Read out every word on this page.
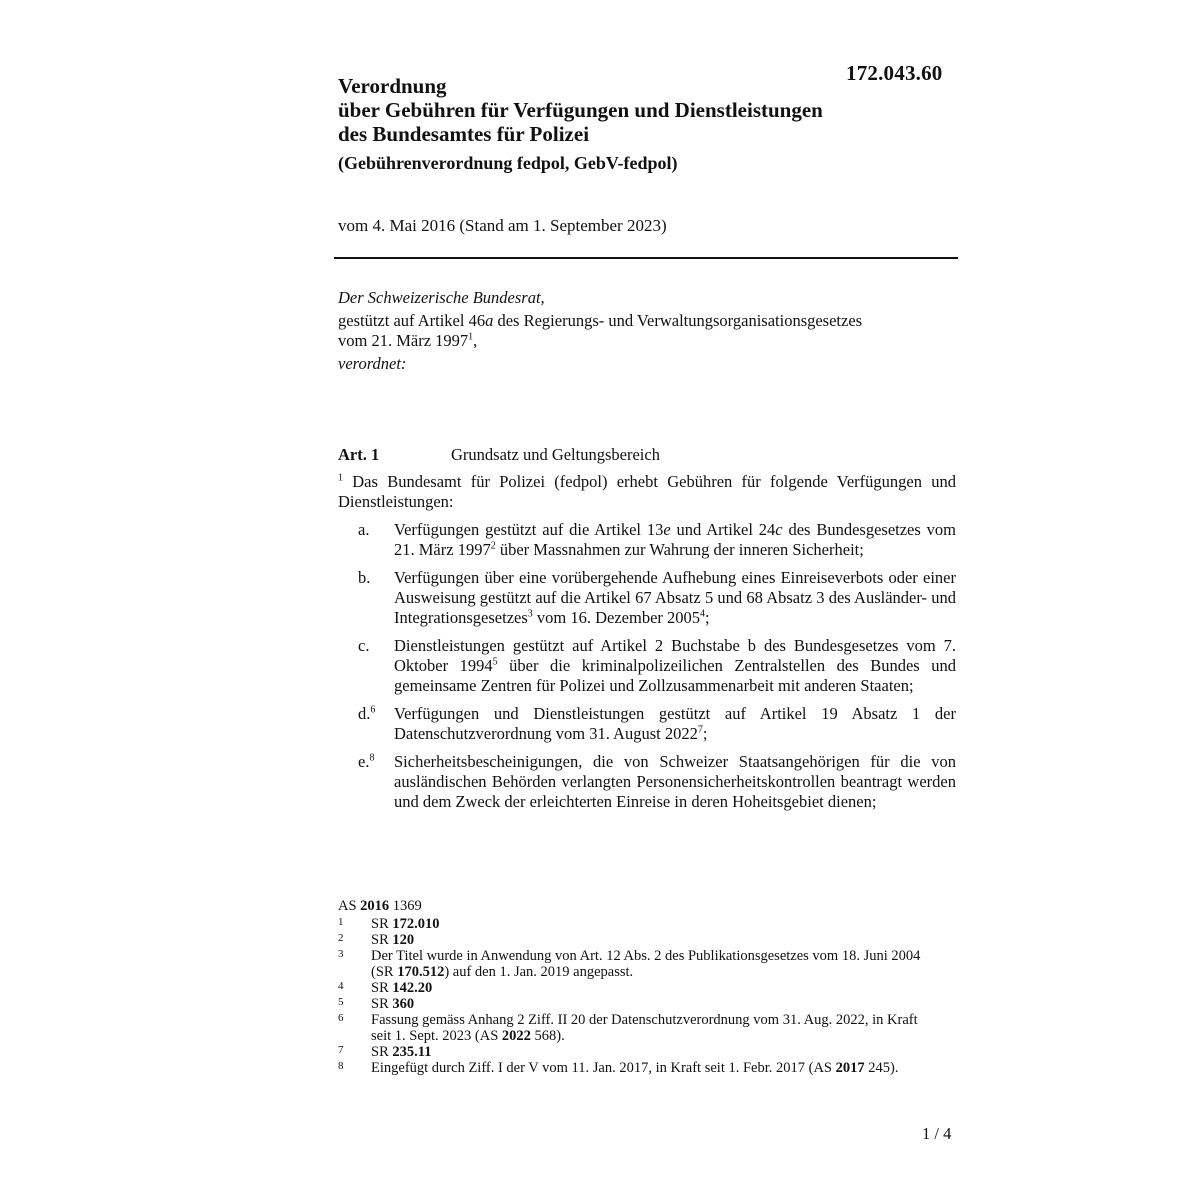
172.043.60
Verordnung
über Gebühren für Verfügungen und Dienstleistungen
des Bundesamtes für Polizei
(Gebührenverordnung fedpol, GebV-fedpol)
vom 4. Mai 2016 (Stand am 1. September 2023)
Der Schweizerische Bundesrat,
gestützt auf Artikel 46a des Regierungs- und Verwaltungsorganisationsgesetzes
vom 21. März 1997$^1$,
verordnet:
Art. 1	Grundsatz und Geltungsbereich
$^1$ Das Bundesamt für Polizei (fedpol) erhebt Gebühren für folgende Verfügungen und Dienstleistungen:
a.	Verfügungen gestützt auf die Artikel 13e und Artikel 24c des Bundesgesetzes vom 21. März 1997$^2$ über Massnahmen zur Wahrung der inneren Sicherheit;
b.	Verfügungen über eine vorübergehende Aufhebung eines Einreiseverbots oder einer Ausweisung gestützt auf die Artikel 67 Absatz 5 und 68 Absatz 3 des Ausländer- und Integrationsgesetzes$^3$ vom 16. Dezember 2005$^4$;
c.	Dienstleistungen gestützt auf Artikel 2 Buchstabe b des Bundesgesetzes vom 7. Oktober 1994$^5$ über die kriminalpolizeilichen Zentralstellen des Bundes und gemeinsame Zentren für Polizei und Zollzusammenarbeit mit anderen Staaten;
d.$^6$	Verfügungen und Dienstleistungen gestützt auf Artikel 19 Absatz 1 der Datenschutzverordnung vom 31. August 2022$^7$;
e.$^8$	Sicherheitsbescheinigungen, die von Schweizer Staatsangehörigen für die von ausländischen Behörden verlangten Personensicherheitskontrollen beantragt werden und dem Zweck der erleichterten Einreise in deren Hoheitsgebiet dienen;
AS 2016 1369
1	SR 172.010
2	SR 120
3	Der Titel wurde in Anwendung von Art. 12 Abs. 2 des Publikationsgesetzes vom 18. Juni 2004 (SR 170.512) auf den 1. Jan. 2019 angepasst.
4	SR 142.20
5	SR 360
6	Fassung gemäss Anhang 2 Ziff. II 20 der Datenschutzverordnung vom 31. Aug. 2022, in Kraft seit 1. Sept. 2023 (AS 2022 568).
7	SR 235.11
8	Eingefügt durch Ziff. I der V vom 11. Jan. 2017, in Kraft seit 1. Febr. 2017 (AS 2017 245).
1 / 4
